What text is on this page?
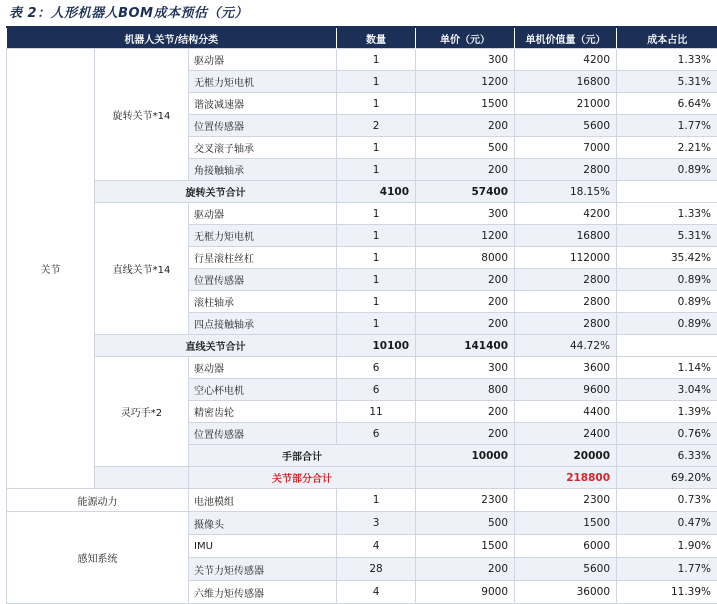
表 2：人形机器人BOM成本预估（元）
机器人关节/结构分类			数量	单价（元）	单机价值量（元）	成本占比
关节	旋转关节*14	驱动器	1	300	4200	1.33%
		无框力矩电机	1	1200	16800	5.31%
		谐波减速器	1	1500	21000	6.64%
		位置传感器	2	200	5600	1.77%
		交叉滚子轴承	1	500	7000	2.21%
		角接触轴承	1	200	2800	0.89%
	旋转关节合计		4100	57400	18.15%	
	直线关节*14	驱动器	1	300	4200	1.33%
		无框力矩电机	1	1200	16800	5.31%
		行星滚柱丝杠	1	8000	112000	35.42%
		位置传感器	1	200	2800	0.89%
		滚柱轴承	1	200	2800	0.89%
		四点接触轴承	1	200	2800	0.89%
	直线关节合计		10100	141400	44.72%	
	灵巧手*2	驱动器	6	300	3600	1.14%
		空心杯电机	6	800	9600	3.04%
		精密齿轮	11	200	4400	1.39%
		位置传感器	6	200	2400	0.76%
		手部合计		10000	20000	6.33%
		关节部分合计			218800	69.20%
能源动力		电池模组	1	2300	2300	0.73%
感知系统		摄像头	3	500	1500	0.47%
		IMU	4	1500	6000	1.90%
		关节力矩传感器	28	200	5600	1.77%
		六维力矩传感器	4	9000	36000	11.39%
